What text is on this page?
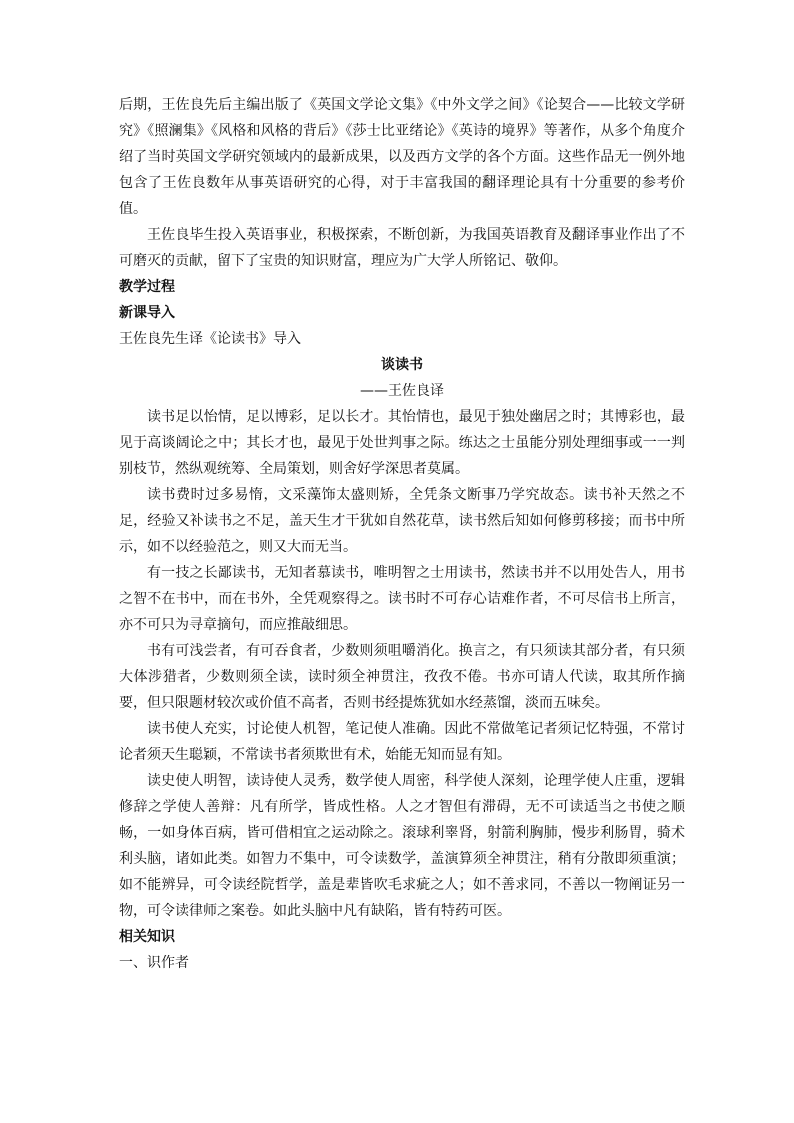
后期，王佐良先后主编出版了《英国文学论文集》《中外文学之间》《论契合——比较文学研究》《照澜集》《风格和风格的背后》《莎士比亚绪论》《英诗的境界》等著作，从多个角度介绍了当时英国文学研究领域内的最新成果，以及西方文学的各个方面。这些作品无一例外地包含了王佐良数年从事英语研究的心得，对于丰富我国的翻译理论具有十分重要的参考价值。

王佐良毕生投入英语事业，积极探索，不断创新，为我国英语教育及翻译事业作出了不可磨灭的贡献，留下了宝贵的知识财富，理应为广大学人所铭记、敬仰。

教学过程

新课导入

王佐良先生译《论读书》导入

谈读书

——王佐良译

读书足以怡情，足以博彩，足以长才。其怡情也，最见于独处幽居之时；其博彩也，最见于高谈阔论之中；其长才也，最见于处世判事之际。练达之士虽能分别处理细事或一一判别枝节，然纵观统筹、全局策划，则舍好学深思者莫属。

读书费时过多易惰，文采藻饰太盛则矫，全凭条文断事乃学究故态。读书补天然之不足，经验又补读书之不足，盖天生才干犹如自然花草，读书然后知如何修剪移接；而书中所示，如不以经验范之，则又大而无当。

有一技之长鄙读书，无知者慕读书，唯明智之士用读书，然读书并不以用处告人，用书之智不在书中，而在书外，全凭观察得之。读书时不可存心诘难作者，不可尽信书上所言，亦不可只为寻章摘句，而应推敲细思。

书有可浅尝者，有可吞食者，少数则须咀嚼消化。换言之，有只须读其部分者，有只须大体涉猎者，少数则须全读，读时须全神贯注，孜孜不倦。书亦可请人代读，取其所作摘要，但只限题材较次或价值不高者，否则书经提炼犹如水经蒸馏，淡而五味矣。

读书使人充实，讨论使人机智，笔记使人准确。因此不常做笔记者须记忆特强，不常讨论者须天生聪颖，不常读书者须欺世有术，始能无知而显有知。

读史使人明智，读诗使人灵秀，数学使人周密，科学使人深刻，论理学使人庄重，逻辑修辞之学使人善辩：凡有所学，皆成性格。人之才智但有滞碍，无不可读适当之书使之顺畅，一如身体百病，皆可借相宜之运动除之。滚球利睾肾，射箭利胸肺，慢步利肠胃，骑术利头脑，诸如此类。如智力不集中，可令读数学，盖演算须全神贯注，稍有分散即须重演；如不能辨异，可令读经院哲学，盖是辈皆吹毛求疵之人；如不善求同，不善以一物阐证另一物，可令读律师之案卷。如此头脑中凡有缺陷，皆有特药可医。

相关知识

一、识作者
